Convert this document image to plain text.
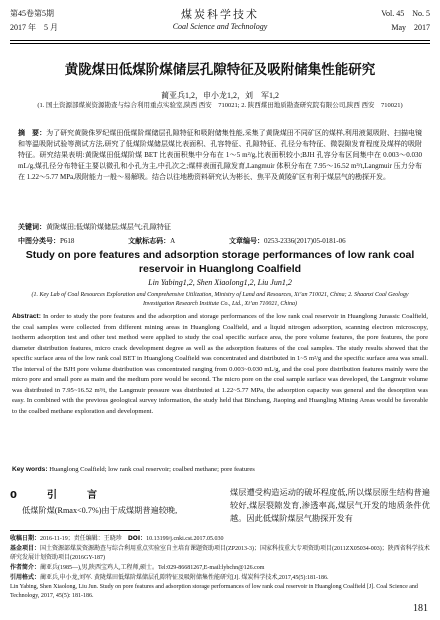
第45卷第5期
2017 年　5 月
煤炭科学技术
Coal Science and Technology
Vol. 45　No. 5
May　2017
黄陇煤田低煤阶煤储层孔隙特征及吸附储集性能研究
蔺亚兵1,2，申小龙1,2，刘　军1,2
(1. 国土资源部煤炭资源勘查与综合利用重点实验室,陕西 西安　710021; 2. 陕西煤田地质勘查研究院有限公司,陕西 西安　710021)
摘　要：为了研究黄陇侏罗纪煤田低煤阶煤储层孔隙特征和吸附储集性能,采集了黄陇煤田不同矿区的煤样,利用液氮吸附、扫描电镜和等温吸附试验等测试方法,研究了低煤阶煤储层煤比表面积、孔容特征、孔隙特征、孔径分布特征、微裂隙发育程度及煤样的吸附特征。研究结果表明:黄陇煤田低煤阶煤 BET 比表面积集中分布在 1～5 m²/g,比表面积较小;BJH 孔容分布区间集中在 0.003～0.030 mL/g,煤孔径分布特征主要以微孔和小孔为主,中孔次之;煤样表面孔隙发育,Langmuir 体积分布在 7.95～16.52 m³/t,Langmuir 压力分布在 1.22～5.77 MPa,吸附能力一般～易解吸。结合以往地勘资料研究认为彬长、焦平及黄陵矿区有利于煤层气的勘探开发。
关键词：黄陇煤田;低煤阶煤储层;煤层气;孔隙特征
中图分类号：P618	文献标志码：A	文章编号：0253-2336(2017)05-0181-06
Study on pore features and adsorption storage performances of low rank coal reservoir in Huanglong Coalfield
Lin Yabing1,2, Shen Xiaolong1,2, Liu Jun1,2
(1. Key Lab of Coal Resources Exploration and Comprehensive Utilization, Ministry of Land and Resources, Xi’an 710021, China; 2. Shaanxi Coal Geology Investigation Research Institute Co., Ltd., Xi’an 710021, China)
Abstract: In order to study the pore features and the adsorption and storage performances of the low rank coal reservoir in Huanglong Jurassic Coalfield, the coal samples were collected from different mining areas in Huanglong Coalfield, and a liquid nitrogen adsorption, scanning electron microscopy, isotherm adsorption test and other test method were applied to study the coal specific surface area, the pore volume features, the pore features, the pore diameter distribution features, micro crack development degree as well as the adsorption features of the coal samples. The study results showed that the specific surface area of the low rank coal BET in Huanglong Coalfield was concentrated and distributed in 1~5 m²/g and the specific surface area was small. The interval of the BJH pore volume distribution was concentrated ranging from 0.003~0.030 mL/g, and the coal pore distribution features mainly were the micro pore and small pore as main and the medium pore would be second. The micro pore on the coal sample surface was developed, the Langmuir volume was distributed in 7.95~16.52 m³/t, the Langmuir pressure was distributed at 1.22~5.77 MPa, the adsorption capacity was general and the desorption was easy. In combined with the previous geological survey information, the study held that Binchang, Jiaoping and Huangling Mining Areas would be favorable to the coalbed methane exploration and development.
Key words: Huanglong Coalfield; low rank coal reservoir; coalbed methane; pore features
0　引　言
低煤阶煤(Rmax<0.7%)由于成煤期普遍较晚,
煤层遭受构造运动的破坏程度低,所以煤层原生结构普遍较好,煤层裂隙发育,渗透率高,煤层气开发的地质条件优越。因此低煤阶煤层气勘探开发有
收稿日期：2016-11-19；责任编辑：王晓珍　 DOI：10.13199/j.cnki.cst.2017.05.030
基金项目：国土资源部煤炭资源勘查与综合利用重点实验室自主培育课题资助项目(ZP2013-3)；国家科技重大专项资助项目(2011ZX05034-003)；陕西省科学技术研究发展计划资助项目(2016GY-187)
作者简介：蔺亚兵(1985—),男,陕西宝鸡人,工程师,硕士。Tel:029-86681267,E-mail:lybchn@126.com
引用格式：蔺亚兵,申小龙,刘军. 黄陇煤田低煤阶煤储层孔隙特征及吸附储集性能研究[J]. 煤炭科学技术,2017,45(5):181-186.
Lin Yabing, Shen Xiaolong, Liu Jun. Study on pore features and adsorption storage performances of low rank coal reservoir in Huanglong Coalfield [J]. Coal Science and Technology, 2017, 45(5): 181-186.
181
